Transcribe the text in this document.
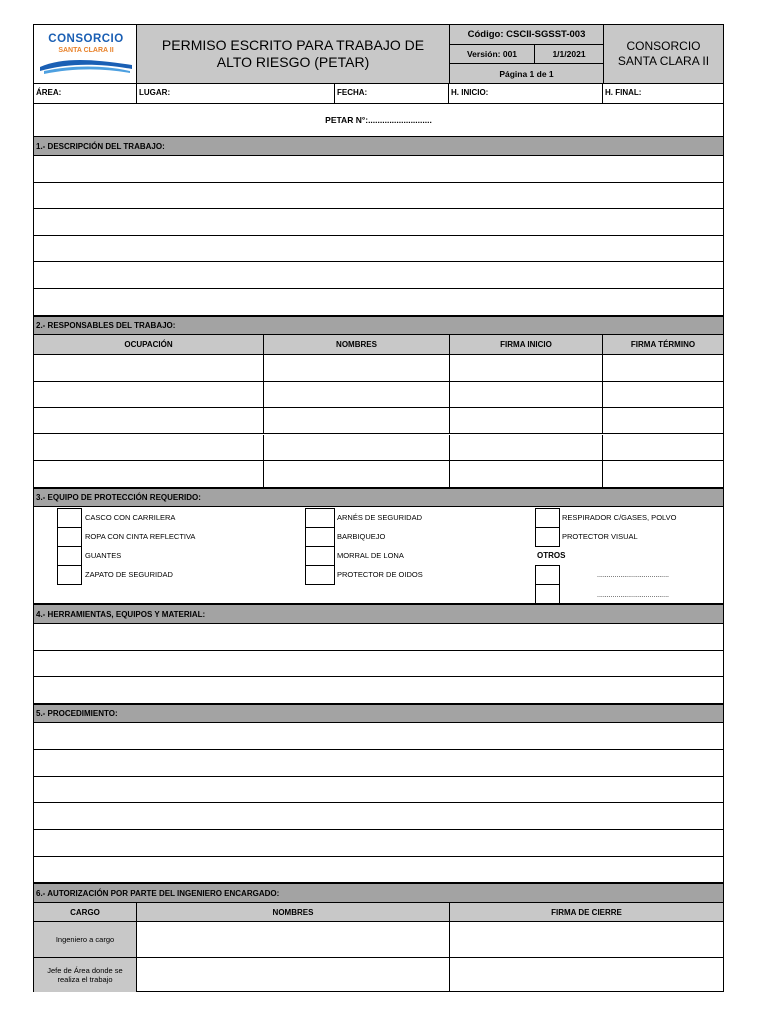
CONSORCIO
SANTA CLARA II	PERMISO ESCRITO PARA TRABAJO DE ALTO RIESGO (PETAR)
Código: CSCII-SGSST-003
Versión: 001	1/1/2021
Página 1 de 1
CONSORCIO SANTA CLARA II
ÁREA:	LUGAR:	FECHA:	H. INICIO:	H. FINAL:
PETAR N°:...........................
1.- DESCRIPCIÓN DEL TRABAJO:
2.- RESPONSABLES DEL TRABAJO:
OCUPACIÓN	NOMBRES	FIRMA INICIO	FIRMA TÉRMINO
3.- EQUIPO DE PROTECCIÓN REQUERIDO:
CASCO CON CARRILERA
ROPA CON CINTA REFLECTIVA
GUANTES
ZAPATO DE SEGURIDAD
ARNÉS DE SEGURIDAD
BARBIQUEJO
MORRAL DE LONA
PROTECTOR DE OIDOS
RESPIRADOR C/GASES, POLVO
PROTECTOR VISUAL
OTROS
.....................................
.....................................
4.- HERRAMIENTAS, EQUIPOS Y MATERIAL:
5.- PROCEDIMIENTO:
6.- AUTORIZACIÓN POR PARTE DEL INGENIERO ENCARGADO:
CARGO	NOMBRES	FIRMA DE CIERRE
Ingeniero a cargo
Jefe de Área donde se realiza el trabajo
